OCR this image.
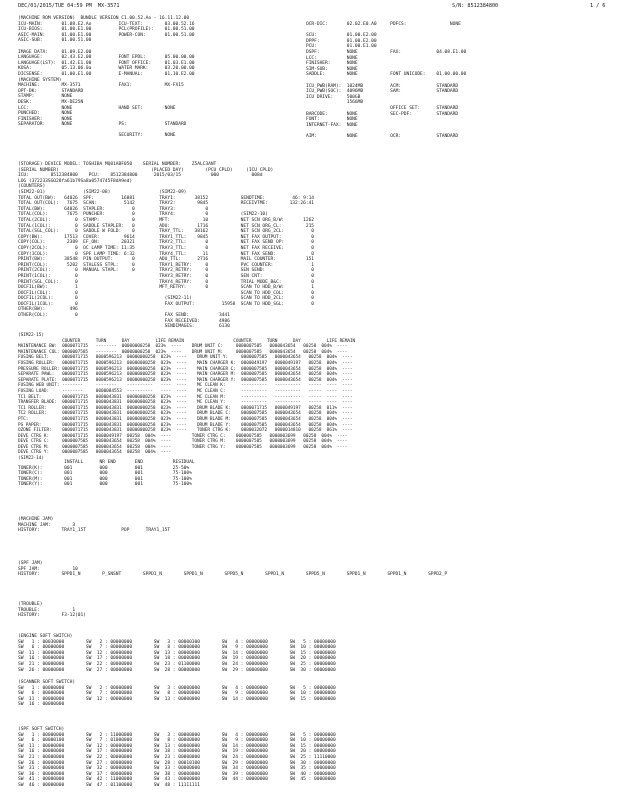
DEC/01/2015/TUE 04:59 PM  MX-3571	S/N: 8512384800	1 / 6
(MACHINE ROM VERSION)  BUNDLE VERSION C1.00.52.Ao - 16.11.12.00
ICU-MAIN:       01.08.E2.Ao          ICU-TEXT:        03.00.52.16
ICU-BIOS:       01.00.E1.00          PCL(PROFILE):    01.00.51.00
ASIC-MAIN:      01.00.E1.00          POWER-CON:       01.00.51.00
ASIC-SUB:       01.00.51.00

IMAGE DATA:     01.09.E2.00
LANGUAGE:       02.43.E2.00          FONT EPDL:       05.00.00.00
LANGUAGE(LST):  01.42.E1.00          FONT OFFICE:     01.03.E1.00
KOSA:           05.13.06.0a          WATER MARK:      03.20.00.00
DICSENSE:       01.00.E1.00          E-MANUAL:        01.10.E2.00
(MACHINE SYSTEM)
MACHINE:        MX-3571              FAX1:            MX-FX15
OPT-DK:         STANDARD
STAMP:          NONE
DESK:           MX-DE25N
LCC:            NONE                 HAND SET:        NONE
PUNCHED:        NONE
FINISHER:       NONE
SEPARATOR:      NONE                 PS:              STANDARD

SECURITY:        NONE
OCR-DIC:       02.02.E0.A0     PDFCS:                NONE

SCU:           01.00.E2.00
DPPF:          01.00.E2.00
PCU:           01.00.E1.00
DSPF:          NONE            FAX:             04.08.E1.00
LCC:           NONE
FINISHER:      NONE
SIM-SUB:       NONE
SADDLE:        NONE            FONT UNICODE:    01.00.00.00

ICU_PWB(RAM):  1024MB          ACM:             STANDARD
ICU_PWB(SOC):  4096MB          SAM:             STANDARD
ICU DRIVE:     500GB
1566MB
OFFICE SET:      STANDARD
BARCODE:       NONE            SEC-PDF:         STANDARD
FONT:          NONE
INTERNET-FAX:  NONE

AIM:           NONE            OCR:             STANDARD
(STORAGE) DEVICE MODEL: TOSHIBA MQ01ABF050    SERIAL NUMBER:    Z5ALC3ANT
(SERIAL NUMBER)                                  (PLACED DAY)        (PCU CPLD)     (ICU CPLD)
ICU:        8512384800    PCU:    8512384800      2015/03/15           000            008d
LOG (372233SGO28fa61b79Sa8a0574745F8dA9ed)
(COUNTERS)
(SIM22-01)              (SIM22-08)                  (SIM22-09)
TOTAL OUT(BW):   64026  SPF:          16881         TRAY1:       38152            SENDTIME:          46: 9:14
TOTAL OUT(COL):   7675  SCAN:          5142         TRAY2:        9845            RECEIVTME:        132:26:41
TOTAL(BW):       64026  STAPLER:          0         TRAY3:           0
TOTAL(COL):       7675  PUNCHER:          0         TRAY4:           0            (SIM22-10)
TOTAL(2COL):         0  STAMP:            0         MFT:            10            NET SCN ORG_B/W:       1262
TOTAL(1COL):         0  SADDLE STAPLER:   0         ADU:          1716            NET SCN ORG_CL:         215
TOTAL(SGL_COL):      0  SADDLE W FOLD:    0         TRAY_TTL:    38162            NET SCN ORG_2CL:          0
COPY(BW):        17513  COVER:         9614         TRAY1_TTL:    9845            NET FAX OUTPUT:           0
COPY(COL):        2389  EF_ON:        20321         TRAY2_TTL:       0            NET FAX SEND OP:          0
COPY(2COL):          0  OC LAMP TIME: 11:35         TRAY3_TTL:       0            NET FAX RECEIVE:          0
COPY(1COL):          0  SPF LAMP TIME: 6:32         TRAY4_TTL:      11            NET FAX SEND:             0
PRINT(BW):       38548  PIN OUTPUT:       0         ADU_TTL:      2716            MAIL COUNTER:           151
PRINT(COL):       5202  STALESS STPL:     0         TRAY1_RETRY:     0            PVC COUNTER:              1
PRINT(2COL):         0  MANUAL STAPL:     0         TRAY2_RETRY:     0            SEN SEND:                 0
PRINT(1COL):         0                              TRAY3_RETRY:     0            SEN CNT:                  0
PRINT(SGL_COL):      0                              TRAY4_RETRY:     0            TRIAL MODE_B&C:           0
DOCFIL(BW):          1                              MFT_RETRY:       0            SCAN TO HDD_B/W:          1
DOCFIL(COL):         0                                                            SCAN TO HDD_COL:          0
DOCFIL(2COL):        0                                (SIM22-11)                  SCAN TO HDD_2CL:          0
DOCFIL(1COL):        0                                FAX OUTPUT:          15958  SCAN TO HDD_SGL:          0
OTHER(BW):         496
OTHER(COL):          0                                FAX SEND:           3441
FAX RECEIVED:       4986
SENDIMAGES:         6130
(SIM22-15)
COUNTER      TURN      DAY          LIFE REMAIN                   COUNTER      TURN      DAY          LIFE REMAIN
MAINTENANCE BW:  0000071715   --------  00000000258  023%  ----    DRUM UNIT C:     0000007585   0000043654   00258  004%  ----
MAINTENANCE COL: 0000007585   --------  00000000258  023%  ----    DRUM UNIT M:     0000007585   0000043654   00258  004%  ----
FUSING BELT:     0000071715   0000596213  00000000258  023%  ----    DRUM UNIT Y:     0000007585   0000043654   00258  004%  ----
FUSING ROLLER:   0000071715   0000596213  00000000258  023%  ----    MAIN CHARGER K:  0000049197   0000049197   00258  004%  ----
PRESSURE ROLLER: 0000071715   0000596213  00000000258  023%  ----    MAIN CHARGER C:  0000007585   0000043654   00258  004%  ----
SEPARATE PAWL:   0000071715   0000596213  00000000258  023%  ----    MAIN CHARGER M:  0000007585   0000043654   00258  004%  ----
SEPARATE PLATE:  0000071715   0000596213  00000000258  023%  ----    MAIN CHARGER Y:  0000007585   0000043654   00258  004%  ----
FUSING WEB UNIT: --------     --------    ----------   ----  ----    MC CLEAN K:      ----------   ----------   -----  ----  ----
FUSING LOAD:     --------     0000084553  ----------   ----  ----    MC CLEAN C:      ----------   ----------   -----  ----  ----
TC1 BELT:        0000071715   0000043831  00000000258  023%  ----    MC CLEAN M:      ----------   ----------   -----  ----  ----
TRANSFER BLADE:  0000071715   0000043831  00000000258  023%  ----    MC CLEAN Y:      ----------   ----------   -----  ----  ----
TC1 ROLLER:      0000071715   0000043831  00000000258  023%  ----    DRUM BLADE K:    0000071715   0000049197   00258  011%  ----
TC2 ROLLER:      0000071715   0000043831  00000000258  023%  ----    DRUM BLADE C:    0000007585   0000043654   00258  004%  ----
PTC:             0000071715   0000043831  00000000258  023%  ----    DRUM BLADE M:    0000007585   0000043654   00258  004%  ----
PS PAPER:        0000071715   0000043831  00000000258  023%  ----    DRUM BLADE Y:    0000007585   0000043654   00258  004%  ----
OZONE FILTER:    0000071715   0000043831  00000000258  023%  ----    TONER CTRG K:    0000032072   0000014810   00258  061%  ----
DEVE CTRG K:     0000071715   0000049197  00258  004%  ----        TONER CTRG C:    0000007585   0000003699   00258  004%  ----
DEVE CTRG C:     0000007585   0000043654  00258  004%  ----        TONER CTRG M:    0000007585   0000003699   00258  004%  ----
DEVE CTRG M:     0000007585   0000043654  00258  004%  ----        TONER CTRG Y:    0000007585   0000003699   00258  004%  ----
DEVE CTRG Y:     0000007585   0000043654  00258  004%  ----
(SIM22-14)
INSTALL      NR END       END           RESIDUAL
TONER(K):        001          000          001           25-50%
TONER(C):        001          000          001           75-100%
TONER(M):        001          000          001           75-100%
TONER(Y):        001          000          001           75-100%
(MACHINE JAM)
MACHINE JAM:        3
HISTORY:        TRAY1_15T             POP      TRAY1_15T
(SPF JAM)
SPF JAM:            10
HISTORY:        SPPD1_N        P_SNSNT        SPPD1_N        SPPD1_N        SPPD5_N        SPPD1_N        SPPD5_N        SPPD1_N        SPPD1_N        SPPD2_P
(TROUBLE)
TROUBLE:            1
HISTORY:        F3-12(01)
(ENGINE SOFT SWITCH)
SW   1 : 00030000        SW   2 : 00000000        SW   3 : 00000300        SW   4 : 00000000        SW   5 : 00000000
SW   6 : 00000000        SW   7 : 00000000        SW   8 : 00000000        SW   9 : 00000000        SW  10 : 00000000
SW  11 : 00000000        SW  12 : 00000000        SW  13 : 00000000        SW  14 : 00000000        SW  15 : 00000000
SW  16 : 00000000        SW  17 : 00000000        SW  18 : 00000000        SW  19 : 00000000        SW  20 : 00000000
SW  21 : 00000000        SW  22 : 00000000        SW  23 : 01100000        SW  24 : 00000000        SW  25 : 00000000
SW  26 : 00000000        SW  27 : 00000000        SW  28 : 00000000        SW  29 : 00000000        SW  30 : 00000000
(SCANNER SOFT SWITCH)
SW   1 : 00000000        SW   2 : 00000000        SW   3 : 00000000        SW   4 : 00000000        SW   5 : 00000000
SW   6 : 00000000        SW   7 : 00000000        SW   8 : 00000000        SW   9 : 00000000        SW  10 : 00000000
SW  11 : 00000000        SW  12 : 00000000        SW  13 : 00000000        SW  14 : 00000000        SW  15 : 00000000
SW  16 : 00000000
(SPF SOFT SWITCH)
SW   1 : 00000000        SW   2 : 11000000        SW   3 : 00000000        SW   4 : 00000000        SW   5 : 00000000
SW   6 : 00000100        SW   7 : 01000000        SW   8 : 00000000        SW   9 : 00000000        SW  10 : 00000000
SW  11 : 00000000        SW  12 : 00000000        SW  13 : 00000000        SW  14 : 00000000        SW  15 : 00000000
SW  16 : 00000000        SW  17 : 00000000        SW  18 : 00000000        SW  19 : 00000000        SW  20 : 00000000
SW  21 : 00000000        SW  22 : 00000000        SW  23 : 00000000        SW  24 : 00000000        SW  25 : 11110000
SW  26 : 00000000        SW  27 : 00000000        SW  28 : 00010100        SW  29 : 00000000        SW  30 : 00000000
SW  31 : 00000000        SW  32 : 00000000        SW  33 : 00000000        SW  34 : 00000000        SW  35 : 00000000
SW  36 : 00000000        SW  37 : 00000000        SW  38 : 00000000        SW  39 : 00000000        SW  40 : 00000000
SW  41 : 00000000        SW  42 : 11000000        SW  43 : 00000000        SW  44 : 00000000        SW  45 : 00000000
SW  46 : 00000000        SW  47 : 01100000        SW  48 : 11111111
